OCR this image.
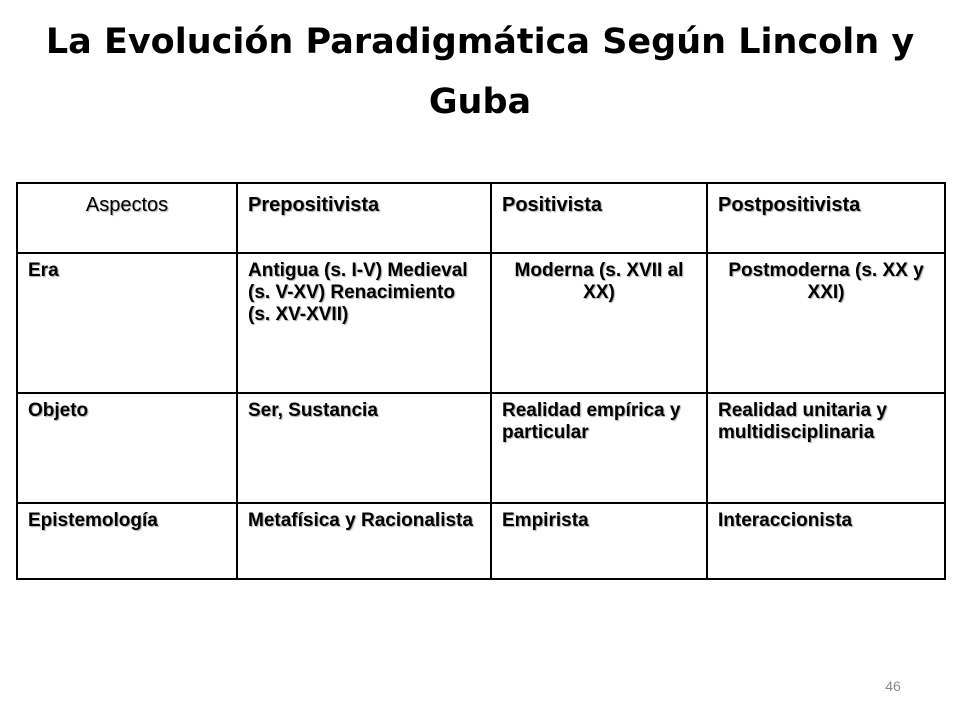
La Evolución Paradigmática Según Lincoln y Guba
Aspectos	Prepositivista	Positivista	Postpositivista
Era	Antigua (s. I-V) Medieval (s. V-XV) Renacimiento (s. XV-XVII)	Moderna (s. XVII al XX)	Postmoderna (s. XX y XXI)
Objeto	Ser, Sustancia	Realidad empírica y particular	Realidad unitaria y multidisciplinaria
Epistemología	Metafísica y Racionalista	Empirista	Interaccionista
46
